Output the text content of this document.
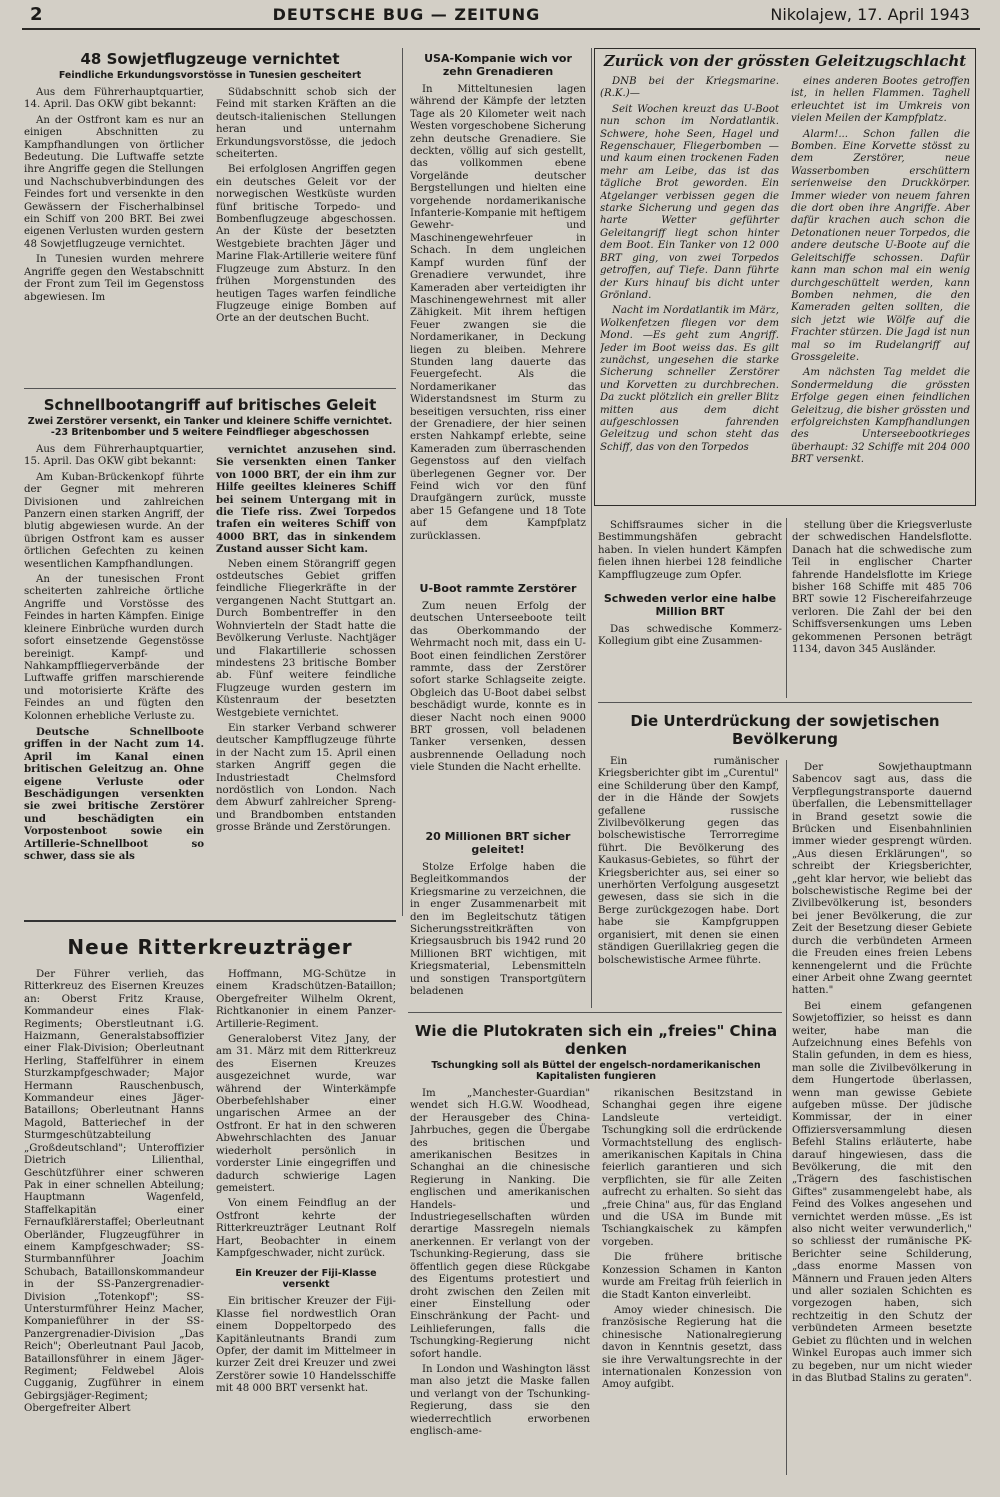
2	DEUTSCHE BUG — ZEITUNG	Nikolajew, 17. April 1943
48 Sowjetflugzeuge vernichtet
Feindliche Erkundungsvorstösse in Tunesien gescheitert

Aus dem Führerhauptquartier, 14. April. Das OKW gibt bekannt:

An der Ostfront kam es nur an einigen Abschnitten zu Kampfhandlungen von örtlicher Bedeutung. Die Luftwaffe setzte ihre Angriffe gegen die Stellungen und Nachschubverbindungen des Feindes fort und versenkte in den Gewässern der Fischerhalbinsel ein Schiff von 200 BRT. Bei zwei eigenen Verlusten wurden gestern 48 Sowjetflugzeuge vernichtet.

In Tunesien wurden mehrere Angriffe gegen den Westabschnitt der Front zum Teil im Gegenstoss abgewiesen. Im

Südabschnitt schob sich der Feind mit starken Kräften an die deutsch-italienischen Stellungen heran und unternahm Erkundungsvorstösse, die jedoch scheiterten.

Bei erfolglosen Angriffen gegen ein deutsches Geleit vor der norwegischen Westküste wurden fünf britische Torpedo- und Bombenflugzeuge abgeschossen. An der Küste der besetzten Westgebiete brachten Jäger und Marine Flak-Artillerie weitere fünf Flugzeuge zum Absturz. In den frühen Morgenstunden des heutigen Tages warfen feindliche Flugzeuge einige Bomben auf Orte an der deutschen Bucht.

Schnellbootangriff auf britisches Geleit
Zwei Zerstörer versenkt, ein Tanker und kleinere Schiffe vernichtet. -23 Britenbomber und 5 weitere Feindflieger abgeschossen

Aus dem Führerhauptquartier, 15. April. Das OKW gibt bekannt:

Am Kuban-Brückenkopf führte der Gegner mit mehreren Divisionen und zahlreichen Panzern einen starken Angriff, der blutig abgewiesen wurde. An der übrigen Ostfront kam es ausser örtlichen Gefechten zu keinen wesentlichen Kampfhandlungen.

An der tunesischen Front scheiterten zahlreiche örtliche Angriffe und Vorstösse des Feindes in harten Kämpfen. Einige kleinere Einbrüche wurden durch sofort einsetzende Gegenstösse bereinigt. Kampf- und Nahkampffliegerverbände der Luftwaffe griffen marschierende und motorisierte Kräfte des Feindes an und fügten den Kolonnen erhebliche Verluste zu.

Deutsche Schnellboote griffen in der Nacht zum 14. April im Kanal einen britischen Geleitzug an. Ohne eigene Verluste oder Beschädigungen versenkten sie zwei britische Zerstörer und beschädigten ein Vorpostenboot sowie ein Artillerie-Schnellboot so schwer, dass sie als

vernichtet anzusehen sind. Sie versenkten einen Tanker von 1000 BRT, der ein ihm zur Hilfe geeiltes kleineres Schiff bei seinem Untergang mit in die Tiefe riss. Zwei Torpedos trafen ein weiteres Schiff von 4000 BRT, das in sinkendem Zustand ausser Sicht kam.

Neben einem Störangriff gegen ostdeutsches Gebiet griffen feindliche Fliegerkräfte in der vergangenen Nacht Stuttgart an. Durch Bombentreffer in den Wohnvierteln der Stadt hatte die Bevölkerung Verluste. Nachtjäger und Flakartillerie schossen mindestens 23 britische Bomber ab. Fünf weitere feindliche Flugzeuge wurden gestern im Küstenraum der besetzten Westgebiete vernichtet.

Ein starker Verband schwerer deutscher Kampfflugzeuge führte in der Nacht zum 15. April einen starken Angriff gegen die Industriestadt Chelmsford nordöstlich von London. Nach dem Abwurf zahlreicher Spreng- und Brandbomben entstanden grosse Brände und Zerstörungen.

Neue Ritterkreuzträger

Der Führer verlieh, das Ritterkreuz des Eisernen Kreuzes an: Oberst Fritz Krause, Kommandeur eines Flak-Regiments; Oberstleutnant i.G. Haizmann, Generalstabsoffizier einer Flak-Division; Oberleutnant Herling, Staffelführer in einem Sturzkampfgeschwader; Major Hermann Rauschenbusch, Kommandeur eines Jäger-Bataillons; Oberleutnant Hanns Magold, Batteriechef in der Sturmgeschützabteilung „Großdeutschland"; Unteroffizier Dietrich Lilienthal, Geschützführer einer schweren Pak in einer schnellen Abteilung; Hauptmann Wagenfeld, Staffelkapitän einer Fernaufklärerstaffel; Oberleutnant Oberländer, Flugzeugführer in einem Kampfgeschwader; SS-Sturmbannführer Joachim Schubach, Bataillonskommandeur in der SS-Panzergrenadier-Division „Totenkopf"; SS-Untersturmführer Heinz Macher, Kompanieführer in der SS-Panzergrenadier-Division „Das Reich"; Oberleutnant Paul Jacob, Bataillonsführer in einem Jäger-Regiment; Feldwebel Alois Cugganig, Zugführer in einem Gebirgsjäger-Regiment; Obergefreiter Albert

Hoffmann, MG-Schütze in einem Kradschützen-Bataillon; Obergefreiter Wilhelm Okrent, Richtkanonier in einem Panzer-Artillerie-Regiment.

Generaloberst Vitez Jany, der am 31. März mit dem Ritterkreuz des Eisernen Kreuzes ausgezeichnet wurde, war während der Winterkämpfe Oberbefehlshaber einer ungarischen Armee an der Ostfront. Er hat in den schweren Abwehrschlachten des Januar wiederholt persönlich in vorderster Linie eingegriffen und dadurch schwierige Lagen gemeistert.

Von einem Feindflug an der Ostfront kehrte der Ritterkreuzträger Leutnant Rolf Hart, Beobachter in einem Kampfgeschwader, nicht zurück.

Ein Kreuzer der Fiji-Klasse versenkt

Ein britischer Kreuzer der Fiji-Klasse fiel nordwestlich Oran einem Doppeltorpedo des Kapitänleutnants Brandi zum Opfer, der damit im Mittelmeer in kurzer Zeit drei Kreuzer und zwei Zerstörer sowie 10 Handelsschiffe mit 48 000 BRT versenkt hat.

USA-Kompanie wich vor zehn Grenadieren

In Mitteltunesien lagen während der Kämpfe der letzten Tage als 20 Kilometer weit nach Westen vorgeschobene Sicherung zehn deutsche Grenadiere. Sie deckten, völlig auf sich gestellt, das vollkommen ebene Vorgelände deutscher Bergstellungen und hielten eine vorgehende nordamerikanische Infanterie-Kompanie mit heftigem Gewehr- und Maschinengewehrfeuer in Schach. In dem ungleichen Kampf wurden fünf der Grenadiere verwundet, ihre Kameraden aber verteidigten ihr Maschinengewehrnest mit aller Zähigkeit. Mit ihrem heftigen Feuer zwangen sie die Nordamerikaner, in Deckung liegen zu bleiben. Mehrere Stunden lang dauerte das Feuergefecht. Als die Nordamerikaner das Widerstandsnest im Sturm zu beseitigen versuchten, riss einer der Grenadiere, der hier seinen ersten Nahkampf erlebte, seine Kameraden zum überraschenden Gegenstoss auf den vielfach überlegenen Gegner vor. Der Feind wich vor den fünf Draufgängern zurück, musste aber 15 Gefangene und 18 Tote auf dem Kampfplatz zurücklassen.

U-Boot rammte Zerstörer

Zum neuen Erfolg der deutschen Unterseeboote teilt das Oberkommando der Wehrmacht noch mit, dass ein U-Boot einen feindlichen Zerstörer rammte, dass der Zerstörer sofort starke Schlagseite zeigte. Obgleich das U-Boot dabei selbst beschädigt wurde, konnte es in dieser Nacht noch einen 9000 BRT grossen, voll beladenen Tanker versenken, dessen ausbrennende Oelladung noch viele Stunden die Nacht erhellte.

20 Millionen BRT sicher geleitet!

Stolze Erfolge haben die Begleitkommandos der Kriegsmarine zu verzeichnen, die in enger Zusammenarbeit mit den im Begleitschutz tätigen Sicherungsstreitkräften von Kriegsausbruch bis 1942 rund 20 Millionen BRT wichtigen, mit Kriegsmaterial, Lebensmitteln und sonstigen Transportgütern beladenen

Zurück von der grössten Geleitzugschlacht

DNB bei der Kriegsmarine. (R.K.)—

Seit Wochen kreuzt das U-Boot nun schon im Nordatlantik. Schwere, hohe Seen, Hagel und Regenschauer, Fliegerbomben — und kaum einen trockenen Faden mehr am Leibe, das ist das tägliche Brot geworden. Ein Atgelanger verbissen gegen die starke Sicherung und gegen das harte Wetter geführter Geleitangriff liegt schon hinter dem Boot. Ein Tanker von 12 000 BRT ging, von zwei Torpedos getroffen, auf Tiefe. Dann führte der Kurs hinauf bis dicht unter Grönland.

Nacht im Nordatlantik im März, Wolkenfetzen fliegen vor dem Mond. —Es geht zum Angriff. Jeder im Boot weiss das. Es gilt zunächst, ungesehen die starke Sicherung schneller Zerstörer und Korvetten zu durchbrechen. Da zuckt plötzlich ein greller Blitz mitten aus dem dicht aufgeschlossen fahrenden Geleitzug und schon steht das Schiff, das von den Torpedos

eines anderen Bootes getroffen ist, in hellen Flammen. Taghell erleuchtet ist im Umkreis von vielen Meilen der Kampfplatz.

Alarm!... Schon fallen die Bomben. Eine Korvette stösst zu dem Zerstörer, neue Wasserbomben erschüttern serienweise den Druckkörper. Immer wieder von neuem fahren die dort oben ihre Angriffe. Aber dafür krachen auch schon die Detonationen neuer Torpedos, die andere deutsche U-Boote auf die Geleitschiffe schossen. Dafür kann man schon mal ein wenig durchgeschüttelt werden, kann Bomben nehmen, die den Kameraden gelten sollten, die sich jetzt wie Wölfe auf die Frachter stürzen. Die Jagd ist nun mal so im Rudelangriff auf Grossgeleite.

Am nächsten Tag meldet die Sondermeldung die grössten Erfolge gegen einen feindlichen Geleitzug, die bisher grössten und erfolgreichsten Kampfhandlungen des Unterseebootkrieges überhaupt: 32 Schiffe mit 204 000 BRT versenkt.

Schiffsraumes sicher in die Bestimmungshäfen gebracht haben. In vielen hundert Kämpfen fielen ihnen hierbei 128 feindliche Kampfflugzeuge zum Opfer.

Schweden verlor eine halbe Million BRT

Das schwedische Kommerz-Kollegium gibt eine Zusammen-

stellung über die Kriegsverluste der schwedischen Handelsflotte. Danach hat die schwedische zum Teil in englischer Charter fahrende Handelsflotte im Kriege bisher 168 Schiffe mit 485 706 BRT sowie 12 Fischereifahrzeuge verloren. Die Zahl der bei den Schiffsversenkungen ums Leben gekommenen Personen beträgt 1134, davon 345 Ausländer.

Die Unterdrückung der sowjetischen Bevölkerung

Ein rumänischer Kriegsberichter gibt im „Curentul" eine Schilderung über den Kampf, der in die Hände der Sowjets gefallene russische Zivilbevölkerung gegen das bolschewistische Terrorregime führt. Die Bevölkerung des Kaukasus-Gebietes, so führt der Kriegsberichter aus, sei einer so unerhörten Verfolgung ausgesetzt gewesen, dass sie sich in die Berge zurückgezogen habe. Dort habe sie Kampfgruppen organisiert, mit denen sie einen ständigen Guerillakrieg gegen die bolschewistische Armee führte.

Der Sowjethauptmann Sabencov sagt aus, dass die Verpflegungstransporte dauernd überfallen, die Lebensmittellager in Brand gesetzt sowie die Brücken und Eisenbahnlinien immer wieder gesprengt würden. „Aus diesen Erklärungen", so schreibt der Kriegsberichter, „geht klar hervor, wie beliebt das bolschewistische Regime bei der Zivilbevölkerung ist, besonders bei jener Bevölkerung, die zur Zeit der Besetzung dieser Gebiete durch die verbündeten Armeen die Freuden eines freien Lebens kennengelernt und die Früchte einer Arbeit ohne Zwang geerntet hatten."

Bei einem gefangenen Sowjetoffizier, so heisst es dann weiter, habe man die Aufzeichnung eines Befehls von Stalin gefunden, in dem es hiess, man solle die Zivilbevölkerung in dem Hungertode überlassen, wenn man gewisse Gebiete aufgeben müsse. Der jüdische Kommissar, der in einer Offiziersversammlung diesen Befehl Stalins erläuterte, habe darauf hingewiesen, dass die Bevölkerung, die mit den „Trägern des faschistischen Giftes" zusammengelebt habe, als Feind des Volkes angesehen und vernichtet werden müsse. „Es ist also nicht weiter verwunderlich," so schliesst der rumänische PK-Berichter seine Schilderung, „dass enorme Massen von Männern und Frauen jeden Alters und aller sozialen Schichten es vorgezogen haben, sich rechtzeitig in den Schutz der verbündeten Armeen besetzte Gebiet zu flüchten und in welchen Winkel Europas auch immer sich zu begeben, nur um nicht wieder in das Blutbad Stalins zu geraten".

Wie die Plutokraten sich ein „freies" China denken
Tschungking soll als Büttel der engelsch-nordamerikanischen Kapitalisten fungieren

Im „Manchester-Guardian" wendet sich H.G.W. Woodhead, der Herausgeber des China-Jahrbuches, gegen die Übergabe des britischen und amerikanischen Besitzes in Schanghai an die chinesische Regierung in Nanking. Die englischen und amerikanischen Handels- und Industriegesellschaften würden derartige Massregeln niemals anerkennen. Er verlangt von der Tschunking-Regierung, dass sie öffentlich gegen diese Rückgabe des Eigentums protestiert und droht zwischen den Zeilen mit einer Einstellung oder Einschränkung der Pacht- und Leihlieferungen, falls die Tschungking-Regierung nicht sofort handle.

In London und Washington lässt man also jetzt die Maske fallen und verlangt von der Tschunking-Regierung, dass sie den wiederrechtlich erworbenen englisch-ame-

rikanischen Besitzstand in Schanghai gegen ihre eigene Landsleute verteidigt. Tschungking soll die erdrückende Vormachtstellung des englisch-amerikanischen Kapitals in China feierlich garantieren und sich verpflichten, sie für alle Zeiten aufrecht zu erhalten. So sieht das „freie China" aus, für das England und die USA im Bunde mit Tschiangkaischek zu kämpfen vorgeben.

Die frühere britische Konzession Schamen in Kanton wurde am Freitag früh feierlich in die Stadt Kanton einverleibt.

Amoy wieder chinesisch. Die französische Regierung hat die chinesische Nationalregierung davon in Kenntnis gesetzt, dass sie ihre Verwaltungsrechte in der internationalen Konzession von Amoy aufgibt.
